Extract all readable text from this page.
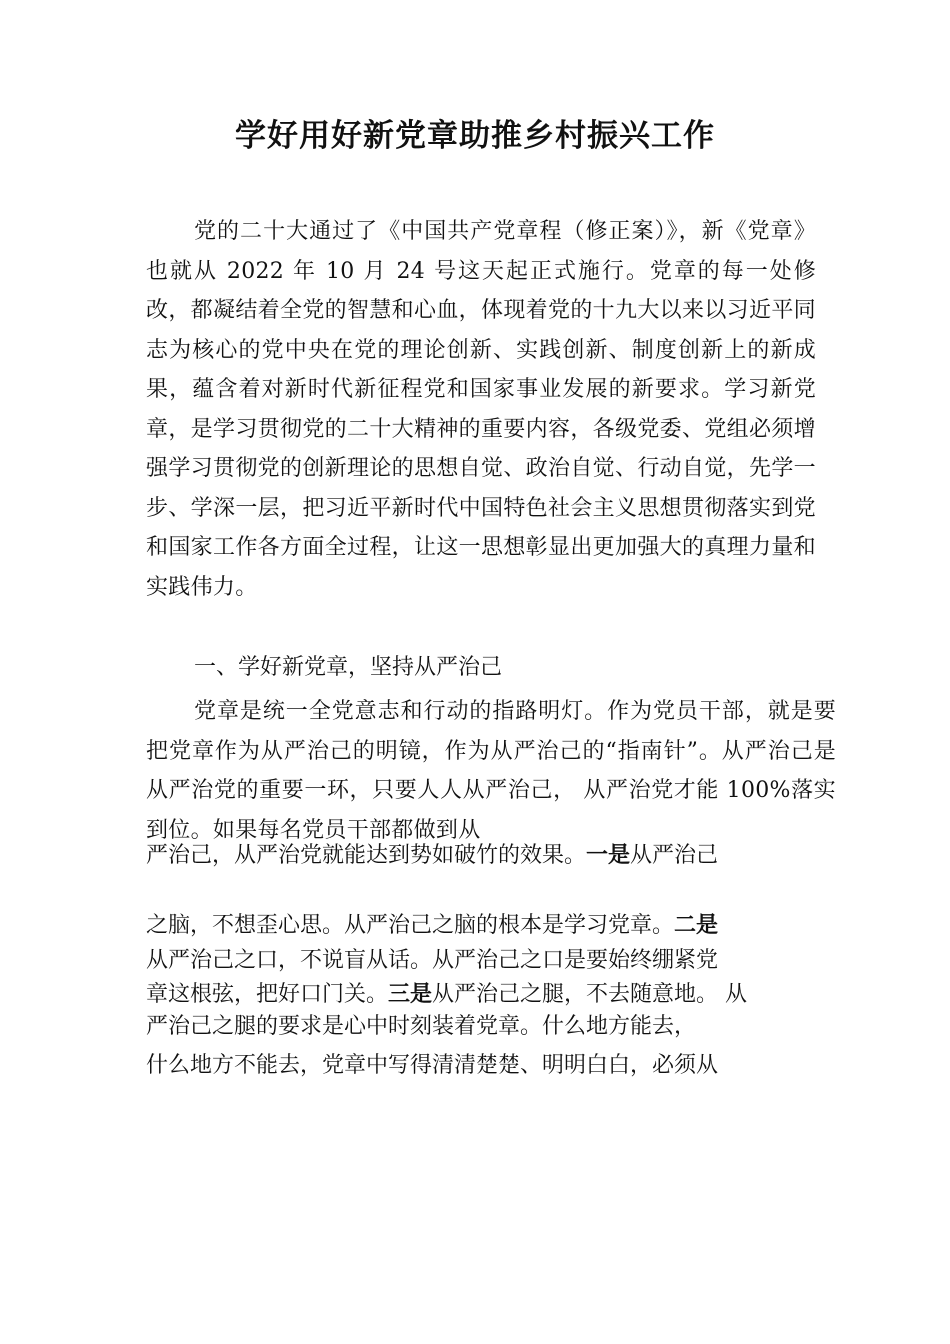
学好用好新党章助推乡村振兴工作

党的二十大通过了《中国共产党章程（修正案）》，新《党章》也就从 2022 年 10 月 24 号这天起正式施行。党章的每一处修改，都凝结着全党的智慧和心血，体现着党的十九大以来以习近平同志为核心的党中央在党的理论创新、实践创新、制度创新上的新成果，蕴含着对新时代新征程党和国家事业发展的新要求。学习新党章，是学习贯彻党的二十大精神的重要内容，各级党委、党组必须增强学习贯彻党的创新理论的思想自觉、政治自觉、行动自觉，先学一步、学深一层，把习近平新时代中国特色社会主义思想贯彻落实到党和国家工作各方面全过程，让这一思想彰显出更加强大的真理力量和实践伟力。

一、学好新党章，坚持从严治己

党章是统一全党意志和行动的指路明灯。作为党员干部，就是要把党章作为从严治己的明镜，作为从严治己的“指南针”。从严治己是从严治党的重要一环，只要人人从严治己， 从严治党才能 100%落实到位。如果每名党员干部都做到从

严治己，从严治党就能达到势如破竹的效果。一是从严治己

之脑，不想歪心思。从严治己之脑的根本是学习党章。二是

从严治己之口，不说盲从话。从严治己之口是要始终绷紧党

章这根弦，把好口门关。三是从严治己之腿，不去随意地。 从

严治己之腿的要求是心中时刻装着党章。什么地方能去，

什么地方不能去，党章中写得清清楚楚、明明白白，必须从
